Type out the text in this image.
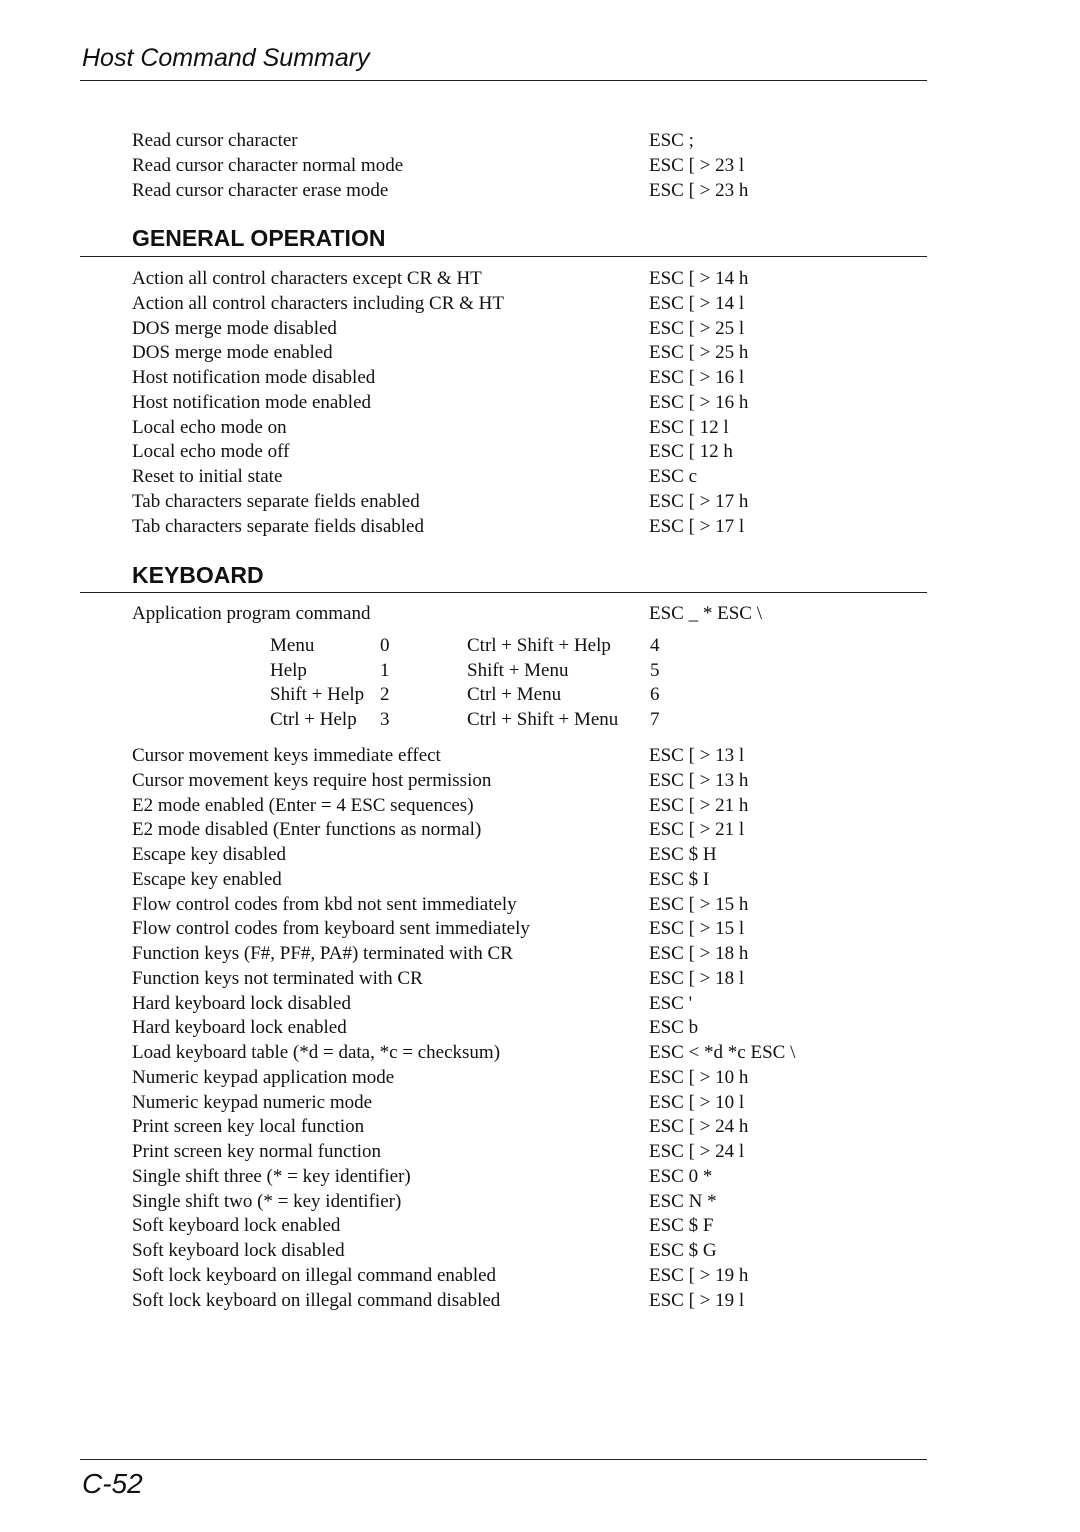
Host Command Summary
Read cursor character	ESC ;
Read cursor character normal mode	ESC [ > 23 l
Read cursor character erase mode	ESC [ > 23 h
GENERAL OPERATION
Action all control characters except CR & HT	ESC [ > 14 h
Action all control characters including CR & HT	ESC [ > 14 l
DOS merge mode disabled	ESC [ > 25 l
DOS merge mode enabled	ESC [ > 25 h
Host notification mode disabled	ESC [ > 16 l
Host notification mode enabled	ESC [ > 16 h
Local echo mode on	ESC [ 12 l
Local echo mode off	ESC [ 12 h
Reset to initial state	ESC c
Tab characters separate fields enabled	ESC [ > 17 h
Tab characters separate fields disabled	ESC [ > 17 l
KEYBOARD
Application program command	ESC _ * ESC \
Menu	0	Ctrl + Shift + Help 4
Help	1	Shift + Menu	5
Shift + Help 2	Ctrl + Menu	6
Ctrl + Help 3	Ctrl + Shift + Menu 7
Cursor movement keys immediate effect	ESC [ > 13 l
Cursor movement keys require host permission	ESC [ > 13 h
E2 mode enabled (Enter = 4 ESC sequences)	ESC [ > 21 h
E2 mode disabled (Enter functions as normal)	ESC [ > 21 l
Escape key disabled	ESC $ H
Escape key enabled	ESC $ I
Flow control codes from kbd not sent immediately	ESC [ > 15 h
Flow control codes from keyboard sent immediately	ESC [ > 15 l
Function keys (F#, PF#, PA#) terminated with CR	ESC [ > 18 h
Function keys not terminated with CR	ESC [ > 18 l
Hard keyboard lock disabled	ESC '
Hard keyboard lock enabled	ESC b
Load keyboard table (*d = data, *c = checksum)	ESC < *d *c ESC \
Numeric keypad application mode	ESC [ > 10 h
Numeric keypad numeric mode	ESC [ > 10 l
Print screen key local function	ESC [ > 24 h
Print screen key normal function	ESC [ > 24 l
Single shift three (* = key identifier)	ESC 0 *
Single shift two (* = key identifier)	ESC N *
Soft keyboard lock enabled	ESC $ F
Soft keyboard lock disabled	ESC $ G
Soft lock keyboard on illegal command enabled	ESC [ > 19 h
Soft lock keyboard on illegal command disabled	ESC [ > 19 l
C-52
